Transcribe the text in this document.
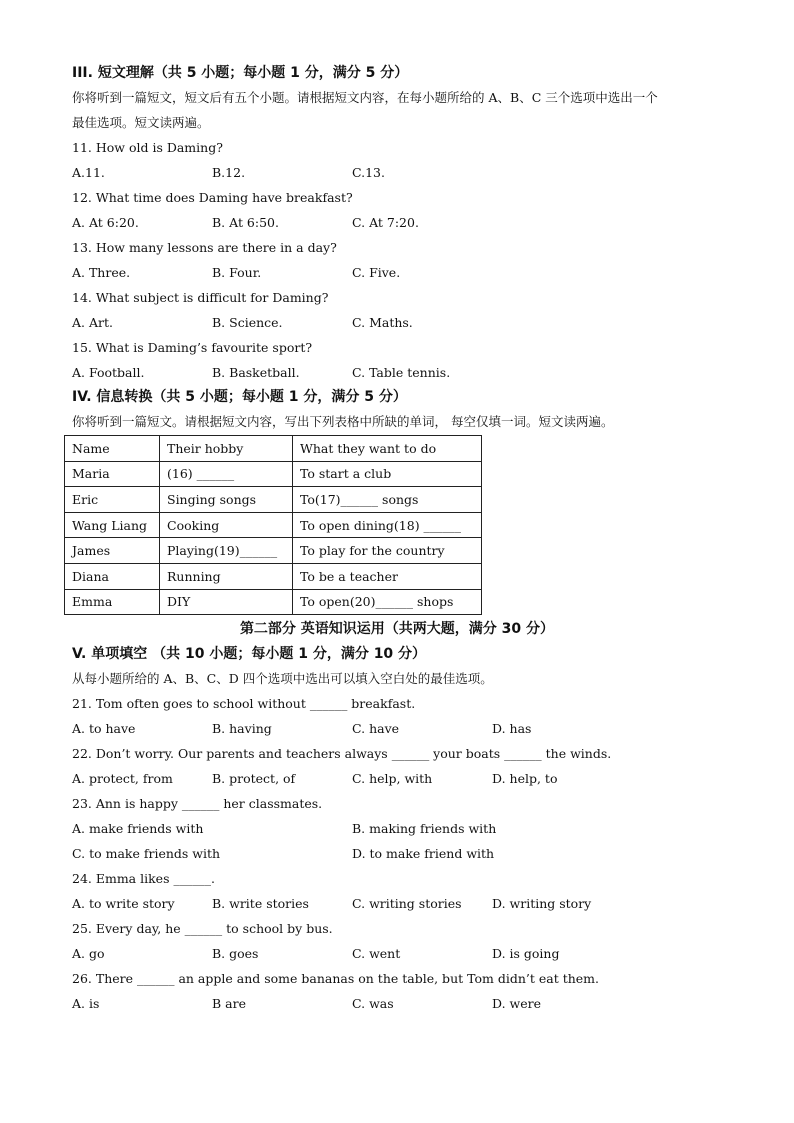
III. 短文理解（共 5 小题；每小题 1 分，满分 5 分）
你将听到一篇短文，短文后有五个小题。请根据短文内容，在每小题所给的 A、B、C 三个选项中选出一个
最佳选项。短文读两遍。
11. How old is Daming?
A.11.	B.12.	C.13.
12. What time does Daming have breakfast?
A. At 6:20.	B. At 6:50.	C. At 7:20.
13. How many lessons are there in a day?
A. Three.	B. Four.	C. Five.
14. What subject is difficult for Daming?
A. Art.	B. Science.	C. Maths.
15. What is Daming’s favourite sport?
A. Football.	B. Basketball.	C. Table tennis.
IV. 信息转换（共 5 小题；每小题 1 分，满分 5 分）
你将听到一篇短文。请根据短文内容，写出下列表格中所缺的单词， 每空仅填一词。短文读两遍。
Name	Their hobby	What they want to do
Maria	(16) ______	To start a club
Eric	Singing songs	To(17)______ songs
Wang Liang	Cooking	To open dining(18) ______
James	Playing(19)______	To play for the country
Diana	Running	To be a teacher
Emma	DIY	To open(20)______ shops
第二部分 英语知识运用（共两大题，满分 30 分）
V. 单项填空 （共 10 小题；每小题 1 分，满分 10 分）
从每小题所给的 A、B、C、D 四个选项中选出可以填入空白处的最佳选项。
21. Tom often goes to school without ______ breakfast.
A. to have	B. having	C. have	D. has
22. Don’t worry. Our parents and teachers always ______ your boats ______ the winds.
A. protect, from	B. protect, of	C. help, with	D. help, to
23. Ann is happy ______ her classmates.
A. make friends with	B. making friends with
C. to make friends with	D. to make friend with
24. Emma likes ______.
A. to write story	B. write stories	C. writing stories D. writing story
25. Every day, he ______ to school by bus.
A. go	B. goes	C. went	D. is going
26. There ______ an apple and some bananas on the table, but Tom didn’t eat them.
A. is	B are	C. was	D. were
